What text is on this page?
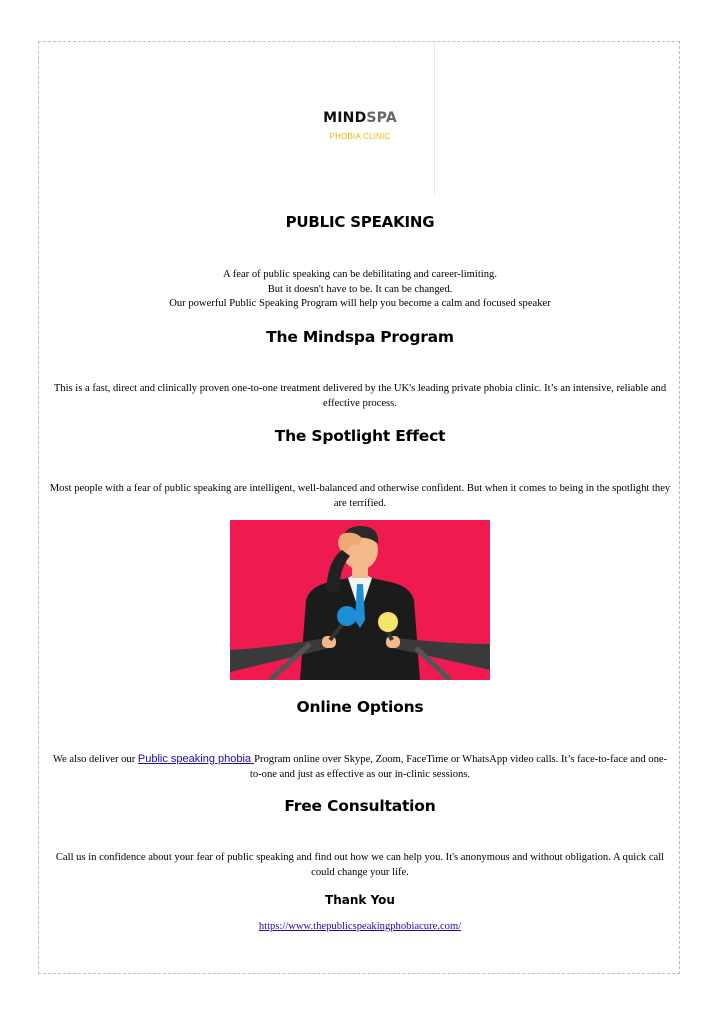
MINDSPA
PHOBIA CLINIC
PUBLIC SPEAKING

A fear of public speaking can be debilitating and career-limiting.
But it doesn't have to be. It can be changed.
Our powerful Public Speaking Program will help you become a calm and focused speaker

The Mindspa Program

This is a fast, direct and clinically proven one-to-one treatment delivered by the UK's leading private phobia clinic. It’s an intensive, reliable and effective process.

The Spotlight Effect

Most people with a fear of public speaking are intelligent, well-balanced and otherwise confident. But when it comes to being in the spotlight they are terrified.

Online Options

We also deliver our Public speaking phobia Program online over Skype, Zoom, FaceTime or WhatsApp video calls. It’s face-to-face and one-to-one and just as effective as our in-clinic sessions.

Free Consultation

Call us in confidence about your fear of public speaking and find out how we can help you. It's anonymous and without obligation. A quick call could change your life.

Thank You

https://www.thepublicspeakingphobiacure.com/
